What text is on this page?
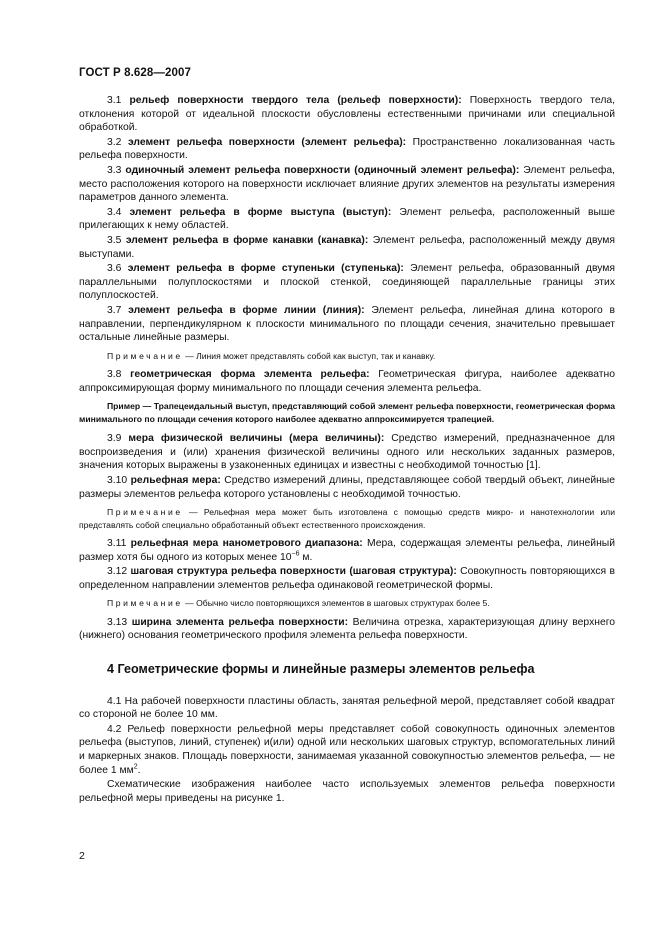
ГОСТ Р 8.628—2007

3.1 рельеф поверхности твердого тела (рельеф поверхности): Поверхность твердого тела, отклонения которой от идеальной плоскости обусловлены естественными причинами или специальной обработкой.

3.2 элемент рельефа поверхности (элемент рельефа): Пространственно локализованная часть рельефа поверхности.

3.3 одиночный элемент рельефа поверхности (одиночный элемент рельефа): Элемент рельефа, место расположения которого на поверхности исключает влияние других элементов на результаты измерения параметров данного элемента.

3.4 элемент рельефа в форме выступа (выступ): Элемент рельефа, расположенный выше прилегающих к нему областей.

3.5 элемент рельефа в форме канавки (канавка): Элемент рельефа, расположенный между двумя выступами.

3.6 элемент рельефа в форме ступеньки (ступенька): Элемент рельефа, образованный двумя параллельными полуплоскостями и плоской стенкой, соединяющей параллельные границы этих полуплоскостей.

3.7 элемент рельефа в форме линии (линия): Элемент рельефа, линейная длина которого в направлении, перпендикулярном к плоскости минимального по площади сечения, значительно превышает остальные линейные размеры.

Примечание — Линия может представлять собой как выступ, так и канавку.

3.8 геометрическая форма элемента рельефа: Геометрическая фигура, наиболее адекватно аппроксимирующая форму минимального по площади сечения элемента рельефа.

Пример — Трапецеидальный выступ, представляющий собой элемент рельефа поверхности, геометрическая форма минимального по площади сечения которого наиболее адекватно аппроксимируется трапецией.

3.9 мера физической величины (мера величины): Средство измерений, предназначенное для воспроизведения и (или) хранения физической величины одного или нескольких заданных размеров, значения которых выражены в узаконенных единицах и известны с необходимой точностью [1].

3.10 рельефная мера: Средство измерений длины, представляющее собой твердый объект, линейные размеры элементов рельефа которого установлены с необходимой точностью.

Примечание — Рельефная мера может быть изготовлена с помощью средств микро- и нанотехнологии или представлять собой специально обработанный объект естественного происхождения.

3.11 рельефная мера нанометрового диапазона: Мера, содержащая элементы рельефа, линейный размер хотя бы одного из которых менее $10^{-6}$ м.

3.12 шаговая структура рельефа поверхности (шаговая структура): Совокупность повторяющихся в определенном направлении элементов рельефа одинаковой геометрической формы.

Примечание — Обычно число повторяющихся элементов в шаговых структурах более 5.

3.13 ширина элемента рельефа поверхности: Величина отрезка, характеризующая длину верхнего (нижнего) основания геометрического профиля элемента рельефа поверхности.

4 Геометрические формы и линейные размеры элементов рельефа

4.1 На рабочей поверхности пластины область, занятая рельефной мерой, представляет собой квадрат со стороной не более 10 мм.

4.2 Рельеф поверхности рельефной меры представляет собой совокупность одиночных элементов рельефа (выступов, линий, ступенек) и(или) одной или нескольких шаговых структур, вспомогательных линий и маркерных знаков. Площадь поверхности, занимаемая указанной совокупностью элементов рельефа, — не более 1 $мм^2$.

Схематические изображения наиболее часто используемых элементов рельефа поверхности рельефной меры приведены на рисунке 1.

2
